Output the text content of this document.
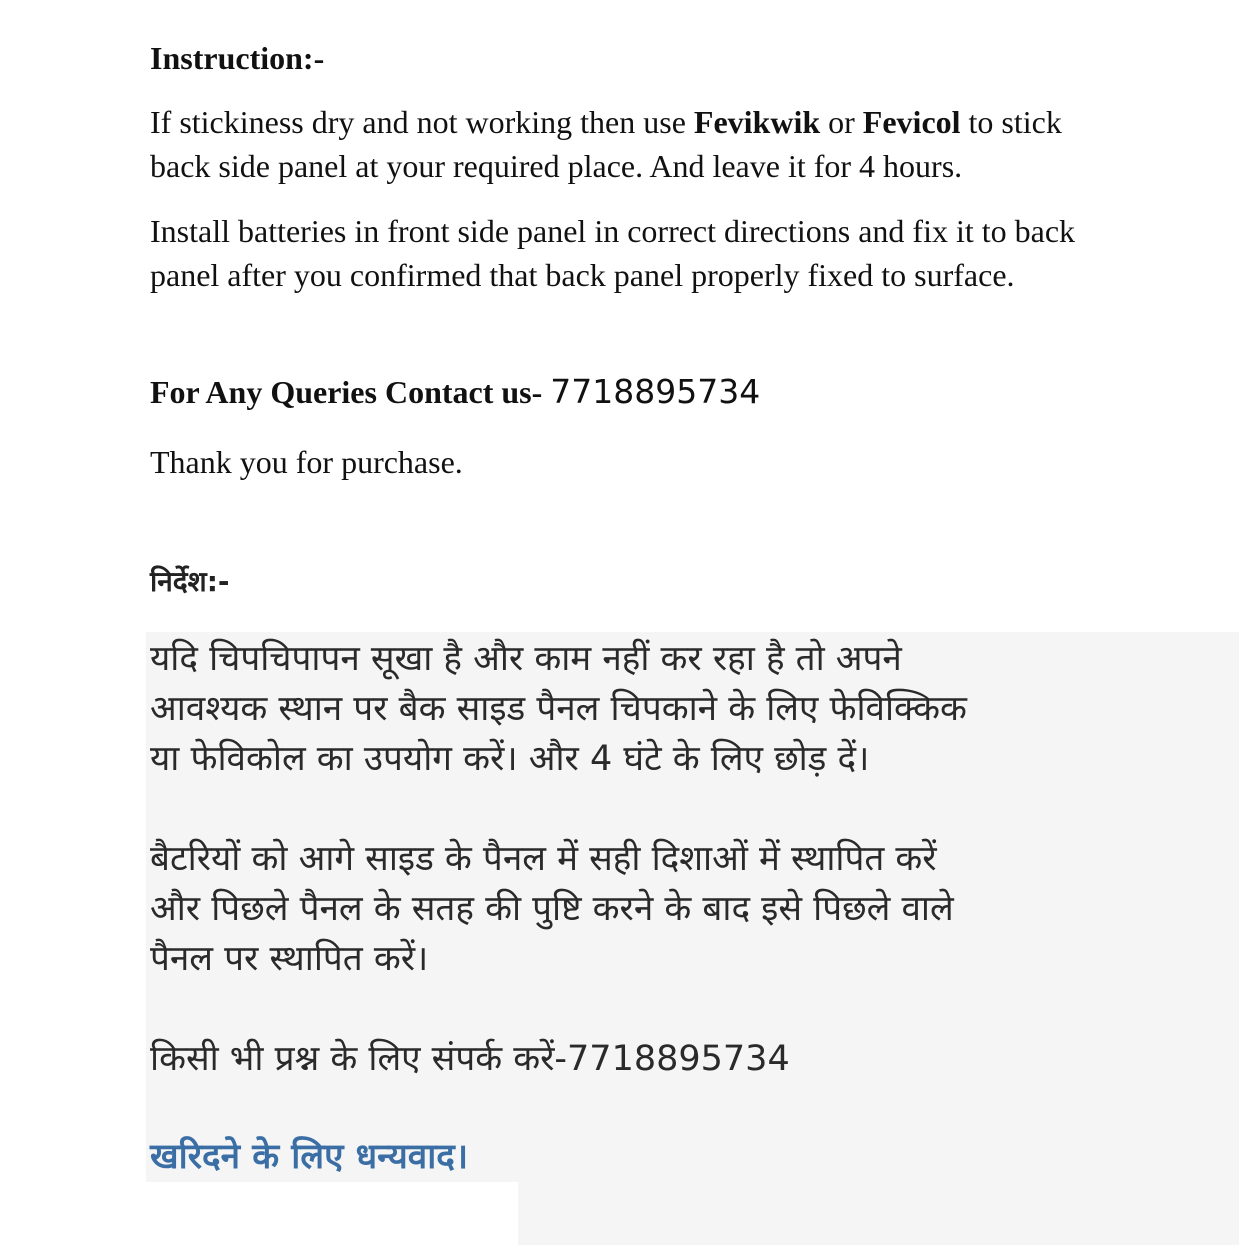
Instruction:-
If stickiness dry and not working then use Fevikwik or Fevicol to stick back side panel at your required place. And leave it for 4 hours.
Install batteries in front side panel in correct directions and fix it to back panel after you confirmed that back panel properly fixed to surface.
For Any Queries Contact us- 7718895734
Thank you for purchase.
निर्देश:-
यदि चिपचिपापन सूखा है और काम नहीं कर रहा है तो अपने
आवश्यक स्थान पर बैक साइड पैनल चिपकाने के लिए फेविक्किक
या फेविकोल का उपयोग करें। और 4 घंटे के लिए छोड़ दें।
बैटरियों को आगे साइड के पैनल में सही दिशाओं में स्थापित करें
और पिछले पैनल के सतह की पुष्टि करने के बाद इसे पिछले वाले
पैनल पर स्थापित करें।
किसी भी प्रश्न के लिए संपर्क करें-7718895734
खरिदने के लिए धन्यवाद।
